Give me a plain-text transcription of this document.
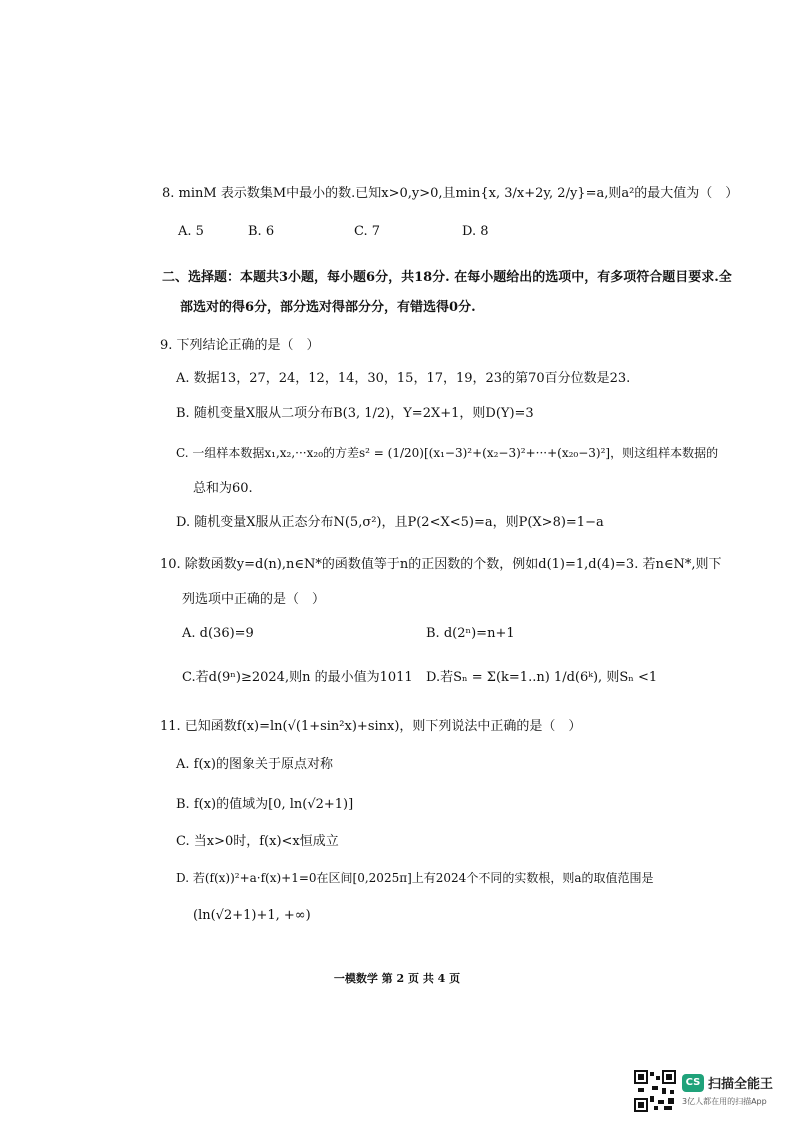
8. minM 表示数集M中最小的数.已知x>0,y>0,且min{x, 3/x+2y, 2/y}=a,则a²的最大值为（　）
A. 5	B. 6	C. 7	D. 8
二、选择题：本题共3小题，每小题6分，共18分. 在每小题给出的选项中，有多项符合题目要求.全
部选对的得6分，部分选对得部分分，有错选得0分.
9. 下列结论正确的是（　）
A. 数据13，27，24，12，14，30，15，17，19，23的第70百分位数是23.
B. 随机变量X服从二项分布B(3, 1/2)，Y=2X+1，则D(Y)=3
C. 一组样本数据x₁,x₂,···x₂₀的方差s² = (1/20)[(x₁−3)²+(x₂−3)²+···+(x₂₀−3)²]，则这组样本数据的
总和为60.
D. 随机变量X服从正态分布N(5,σ²)，且P(2<X<5)=a，则P(X>8)=1−a
10. 除数函数y=d(n),n∈N*的函数值等于n的正因数的个数，例如d(1)=1,d(4)=3. 若n∈N*,则下
列选项中正确的是（　）
A. d(36)=9	B. d(2ⁿ)=n+1
C.若d(9ⁿ)≥2024,则n 的最小值为1011 D.若Sₙ = Σ(k=1..n) 1/d(6ᵏ), 则Sₙ <1
11. 已知函数f(x)=ln(√(1+sin²x)+sinx)，则下列说法中正确的是（　）
A. f(x)的图象关于原点对称
B. f(x)的值域为[0, ln(√2+1)]
C. 当x>0时，f(x)<x恒成立
D. 若(f(x))²+a·f(x)+1=0在区间[0,2025π]上有2024个不同的实数根，则a的取值范围是
(ln(√2+1)+1, +∞)
一模数学 第 2 页 共 4 页
CS 扫描全能王
3亿人都在用的扫描App
